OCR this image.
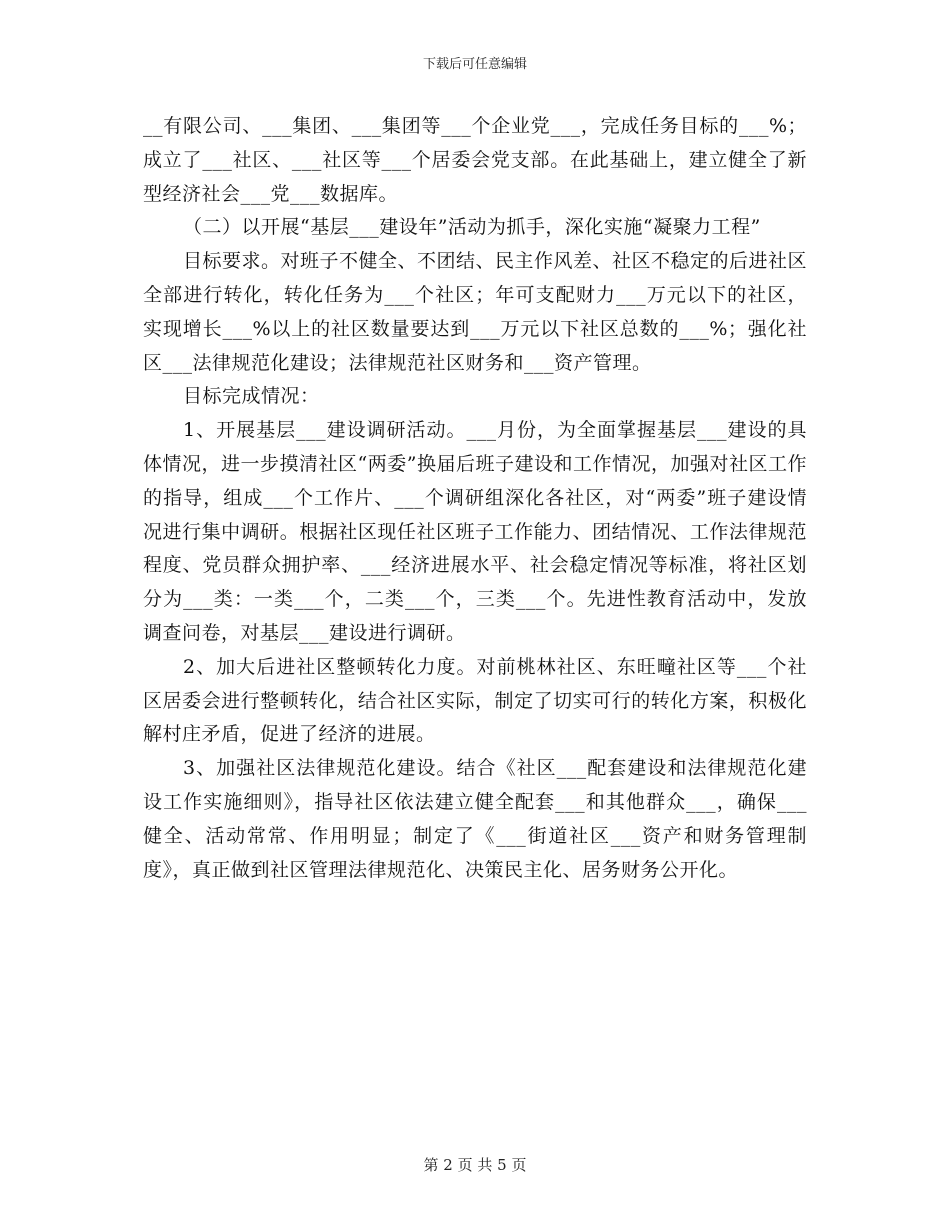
下载后可任意编辑

__有限公司、___集团、___集团等___个企业党___，完成任务目标的___%；成立了___社区、___社区等___个居委会党支部。在此基础上，建立健全了新型经济社会___党___数据库。

（二）以开展“基层___建设年”活动为抓手，深化实施“凝聚力工程”

目标要求。对班子不健全、不团结、民主作风差、社区不稳定的后进社区全部进行转化，转化任务为___个社区；年可支配财力___万元以下的社区，实现增长___%以上的社区数量要达到___万元以下社区总数的___%；强化社区___法律规范化建设；法律规范社区财务和___资产管理。

目标完成情况：

1、开展基层___建设调研活动。___月份，为全面掌握基层___建设的具体情况，进一步摸清社区“两委”换届后班子建设和工作情况，加强对社区工作的指导，组成___个工作片、___个调研组深化各社区，对“两委”班子建设情况进行集中调研。根据社区现任社区班子工作能力、团结情况、工作法律规范程度、党员群众拥护率、___经济进展水平、社会稳定情况等标准，将社区划分为___类：一类___个，二类___个，三类___个。先进性教育活动中，发放调查问卷，对基层___建设进行调研。

2、加大后进社区整顿转化力度。对前桃林社区、东旺疃社区等___个社区居委会进行整顿转化，结合社区实际，制定了切实可行的转化方案，积极化解村庄矛盾，促进了经济的进展。

3、加强社区法律规范化建设。结合《社区___配套建设和法律规范化建设工作实施细则》，指导社区依法建立健全配套___和其他群众___，确保___健全、活动常常、作用明显；制定了《___街道社区___资产和财务管理制度》，真正做到社区管理法律规范化、决策民主化、居务财务公开化。

第 2 页 共 5 页
